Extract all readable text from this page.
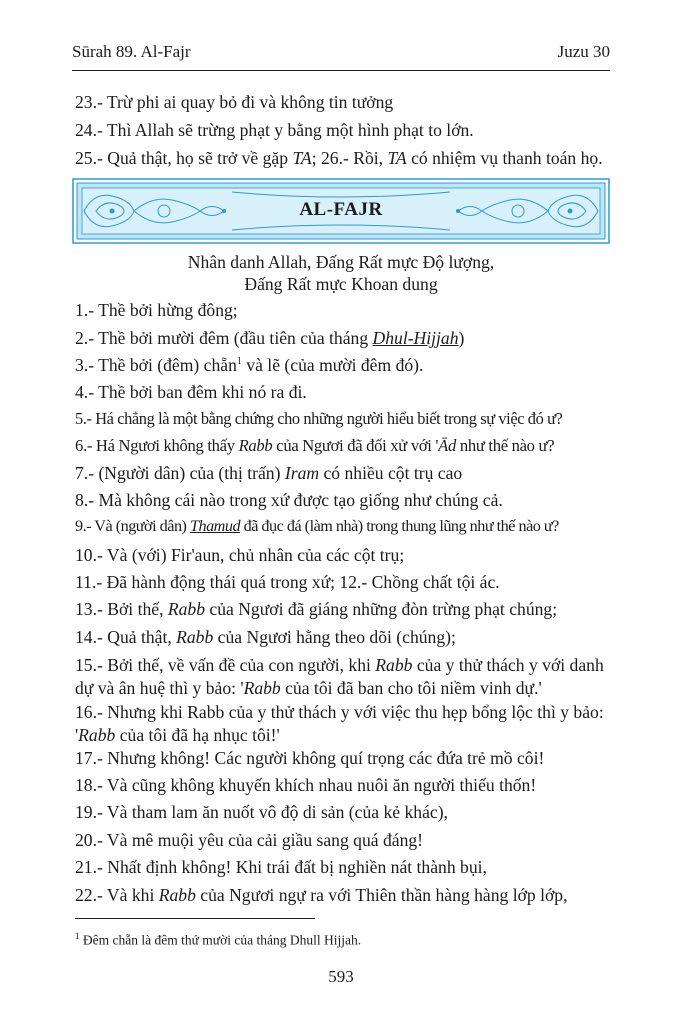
Sūrah 89. Al-Fajr	Juzu 30
23.- Trừ phi ai quay bỏ đi và không tin tưởng
24.- Thì Allah sẽ trừng phạt y bằng một hình phạt to lớn.
25.- Quả thật, họ sẽ trở về gặp TA; 26.- Rồi, TA có nhiệm vụ thanh toán họ.
AL-FAJR
Nhân danh Allah, Đấng Rất mực Độ lượng,
Đấng Rất mực Khoan dung
1.- Thề bởi hừng đông;
2.- Thề bởi mười đêm (đầu tiên của tháng Dhul-Hijjah)
3.- Thề bởi (đêm) chẵn$^1$ và lẽ (của mười đêm đó).
4.- Thề bởi ban đêm khi nó ra đi.
5.- Há chẳng là một bằng chứng cho những người hiểu biết trong sự việc đó ư?
6.- Há Ngươi không thấy Rabb của Ngươi đã đối xử với 'Ād như thế nào ư?
7.- (Người dân) của (thị trấn) Iram có nhiều cột trụ cao
8.- Mà không cái nào trong xứ được tạo giống như chúng cả.
9.- Và (người dân) Thamud đã đục đá (làm nhà) trong thung lũng như thế nào ư?
10.- Và (với) Fir'aun, chủ nhân của các cột trụ;
11.- Đã hành động thái quá trong xứ; 12.- Chồng chất tội ác.
13.- Bởi thế, Rabb của Ngươi đã giáng những đòn trừng phạt chúng;
14.- Quả thật, Rabb của Ngươi hằng theo dõi (chúng);
15.- Bởi thế, về vấn đề của con người, khi Rabb của y thử thách y với danh dự và ân huệ thì y bảo: 'Rabb của tôi đã ban cho tôi niềm vinh dự.'
16.- Nhưng khi Rabb của y thử thách y với việc thu hẹp bổng lộc thì y bảo: 'Rabb của tôi đã hạ nhục tôi!'
17.- Nhưng không! Các người không quí trọng các đứa trẻ mồ côi!
18.- Và cũng không khuyến khích nhau nuôi ăn người thiếu thốn!
19.- Và tham lam ăn nuốt vô độ di sản (của kẻ khác),
20.- Và mê muội yêu của cải giầu sang quá đáng!
21.- Nhất định không! Khi trái đất bị nghiền nát thành bụi,
22.- Và khi Rabb của Ngươi ngự ra với Thiên thần hàng hàng lớp lớp,
$^1$ Đêm chẵn là đêm thứ mười của tháng Dhull Hijjah.
593
